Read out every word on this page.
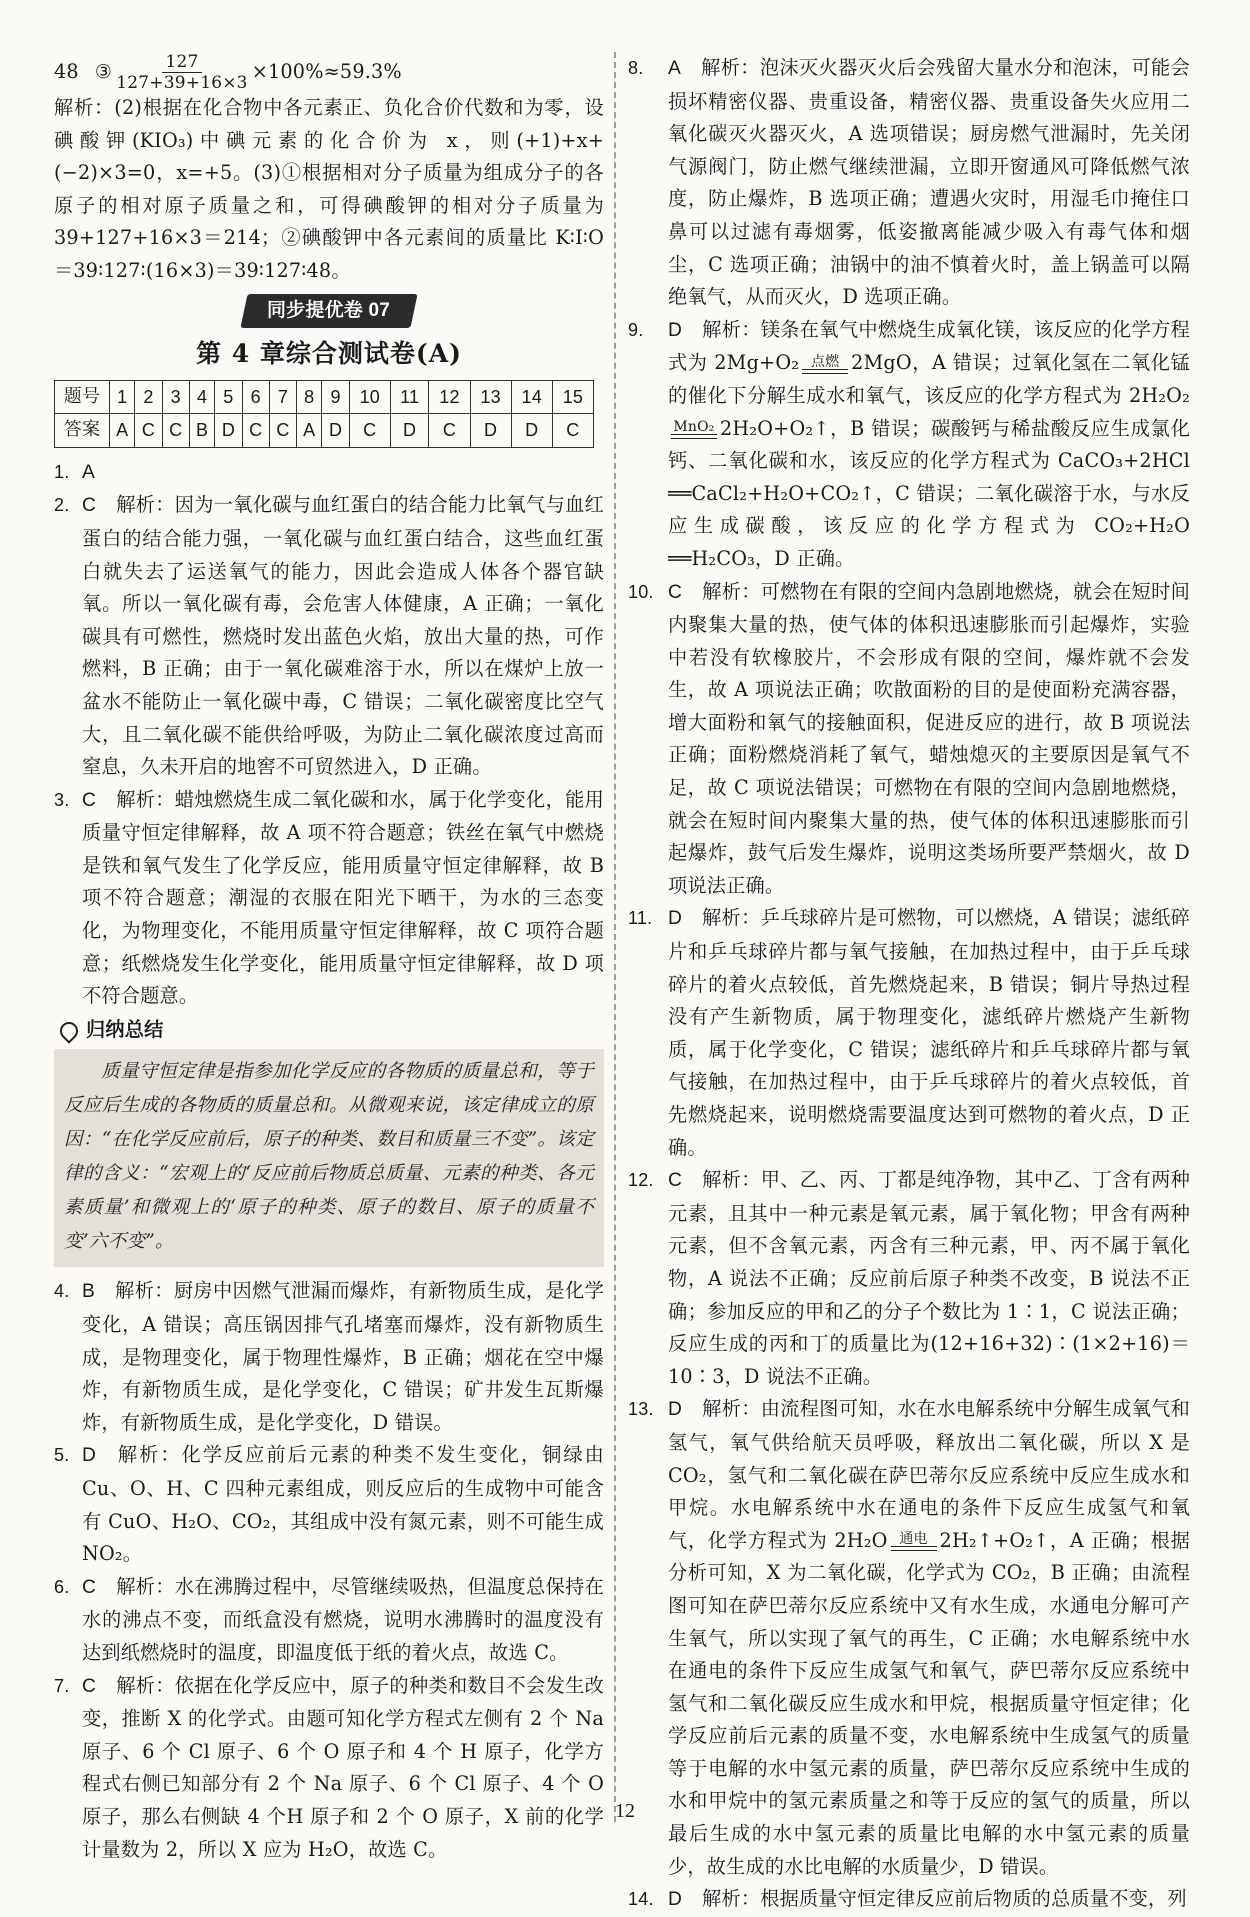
48 ③ $\frac{127}{127+39+16\times 3} \times 100\%\approx 59.3\%$

解析：(2)根据在化合物中各元素正、负化合价代数和为零，设碘酸钾(KIO₃)中碘元素的化合价为 x，则(+1)+x+(−2)×3=0，x=+5。(3)①根据相对分子质量为组成分子的各原子的相对原子质量之和，可得碘酸钾的相对分子质量为 39+127+16×3＝214；②碘酸钾中各元素间的质量比 K∶I∶O＝39∶127∶(16×3)＝39∶127∶48。

同步提优卷 07
第 4 章综合测试卷(A)
题号	1	2	3	4	5	6	7	8	9	10	11	12	13	14	15
答案	A	C	C	B	D	C	C	A	D	C	D	C	D	D	C
1. A
2. C 解析：因为一氧化碳与血红蛋白的结合能力比氧气与血红蛋白的结合能力强，一氧化碳与血红蛋白结合，这些血红蛋白就失去了运送氧气的能力，因此会造成人体各个器官缺氧。所以一氧化碳有毒，会危害人体健康，A 正确；一氧化碳具有可燃性，燃烧时发出蓝色火焰，放出大量的热，可作燃料，B 正确；由于一氧化碳难溶于水，所以在煤炉上放一盆水不能防止一氧化碳中毒，C 错误；二氧化碳密度比空气大，且二氧化碳不能供给呼吸，为防止二氧化碳浓度过高而窒息，久未开启的地窖不可贸然进入，D 正确。
3. C 解析：蜡烛燃烧生成二氧化碳和水，属于化学变化，能用质量守恒定律解释，故 A 项不符合题意；铁丝在氧气中燃烧是铁和氧气发生了化学反应，能用质量守恒定律解释，故 B 项不符合题意；潮湿的衣服在阳光下晒干，为水的三态变化，为物理变化，不能用质量守恒定律解释，故 C 项符合题意；纸燃烧发生化学变化，能用质量守恒定律解释，故 D 项不符合题意。
归纳总结
质量守恒定律是指参加化学反应的各物质的质量总和，等于反应后生成的各物质的质量总和。从微观来说，该定律成立的原因：“在化学反应前后，原子的种类、数目和质量三不变”。该定律的含义：“宏观上的‘反应前后物质总质量、元素的种类、各元素质量’和微观上的‘原子的种类、原子的数目、原子的质量不变’六不变”。
4. B 解析：厨房中因燃气泄漏而爆炸，有新物质生成，是化学变化，A 错误；高压锅因排气孔堵塞而爆炸，没有新物质生成，是物理变化，属于物理性爆炸，B 正确；烟花在空中爆炸，有新物质生成，是化学变化，C 错误；矿井发生瓦斯爆炸，有新物质生成，是化学变化，D 错误。
5. D 解析：化学反应前后元素的种类不发生变化，铜绿由 Cu、O、H、C 四种元素组成，则反应后的生成物中可能含有 CuO、H₂O、CO₂，其组成中没有氮元素，则不可能生成 NO₂。
6. C 解析：水在沸腾过程中，尽管继续吸热，但温度总保持在水的沸点不变，而纸盒没有燃烧，说明水沸腾时的温度没有达到纸燃烧时的温度，即温度低于纸的着火点，故选 C。
7. C 解析：依据在化学反应中，原子的种类和数目不会发生改变，推断 X 的化学式。由题可知化学方程式左侧有 2 个 Na 原子、6 个 Cl 原子、6 个 O 原子和 4 个 H 原子，化学方程式右侧已知部分有 2 个 Na 原子、6 个 Cl 原子、4 个 O 原子，那么右侧缺 4 个H 原子和 2 个 O 原子，X 前的化学计量数为 2，所以 X 应为 H₂O，故选 C。
8.	A 解析：泡沫灭火器灭火后会残留大量水分和泡沫，可能会损坏精密仪器、贵重设备，精密仪器、贵重设备失火应用二氧化碳灭火器灭火，A 选项错误；厨房燃气泄漏时，先关闭气源阀门，防止燃气继续泄漏，立即开窗通风可降低燃气浓度，防止爆炸，B 选项正确；遭遇火灾时，用湿毛巾掩住口鼻可以过滤有毒烟雾，低姿撤离能减少吸入有毒气体和烟尘，C 选项正确；油锅中的油不慎着火时，盖上锅盖可以隔绝氧气，从而灭火，D 选项正确。
9.	D 解析：镁条在氧气中燃烧生成氧化镁，该反应的化学方程式为 2Mg+O₂ 点燃 2MgO，A 错误；过氧化氢在二氧化锰的催化下分解生成水和氧气，该反应的化学方程式为 2H₂O₂
MnO₂ 2H₂O+O₂↑，B 错误；碳酸钙与稀盐酸反应生成氯化钙、二氧化碳和水，该反应的化学方程式为 CaCO₃+2HCl ══CaCl₂+H₂O+CO₂↑，C 错误；二氧化碳溶于水，与水反应生成碳酸，该反应的化学方程式为 CO₂+H₂O ══H₂CO₃，D 正确。
10. C 解析：可燃物在有限的空间内急剧地燃烧，就会在短时间内聚集大量的热，使气体的体积迅速膨胀而引起爆炸，实验中若没有软橡胶片，不会形成有限的空间，爆炸就不会发生，故 A 项说法正确；吹散面粉的目的是使面粉充满容器，增大面粉和氧气的接触面积，促进反应的进行，故 B 项说法正确；面粉燃烧消耗了氧气，蜡烛熄灭的主要原因是氧气不足，故 C 项说法错误；可燃物在有限的空间内急剧地燃烧，就会在短时间内聚集大量的热，使气体的体积迅速膨胀而引起爆炸，鼓气后发生爆炸，说明这类场所要严禁烟火，故 D 项说法正确。
11. D 解析：乒乓球碎片是可燃物，可以燃烧，A 错误；滤纸碎片和乒乓球碎片都与氧气接触，在加热过程中，由于乒乓球碎片的着火点较低，首先燃烧起来，B 错误；铜片导热过程没有产生新物质，属于物理变化，滤纸碎片燃烧产生新物质，属于化学变化，C 错误；滤纸碎片和乒乓球碎片都与氧气接触，在加热过程中，由于乒乓球碎片的着火点较低，首先燃烧起来，说明燃烧需要温度达到可燃物的着火点，D 正确。
12. C 解析：甲、乙、丙、丁都是纯净物，其中乙、丁含有两种元素，且其中一种元素是氧元素，属于氧化物；甲含有两种元素，但不含氧元素，丙含有三种元素，甲、丙不属于氧化物，A 说法不正确；反应前后原子种类不改变，B 说法不正确；参加反应的甲和乙的分子个数比为 1∶1，C 说法正确；反应生成的丙和丁的质量比为(12+16+32)∶(1×2+16)＝10∶3，D 说法不正确。
13. D 解析：由流程图可知，水在水电解系统中分解生成氧气和氢气，氧气供给航天员呼吸，释放出二氧化碳，所以 X 是 CO₂，氢气和二氧化碳在萨巴蒂尔反应系统中反应生成水和甲烷。水电解系统中水在通电的条件下反应生成氢气和氧气，化学方程式为 2H₂O 通电 2H₂↑+O₂↑，A 正确；根据分析可知，X 为二氧化碳，化学式为 CO₂，B 正确；由流程图可知在萨巴蒂尔反应系统中又有水生成，水通电分解可产生氧气，所以实现了氧气的再生，C 正确；水电解系统中水在通电的条件下反应生成氢气和氧气，萨巴蒂尔反应系统中氢气和二氧化碳反应生成水和甲烷，根据质量守恒定律；化学反应前后元素的质量不变，水电解系统中生成氢气的质量等于电解的水中氢元素的质量，萨巴蒂尔反应系统中生成的水和甲烷中的氢元素质量之和等于反应的氢气的质量，所以最后生成的水中氢元素的质量比电解的水中氢元素的质量少，故生成的水比电解的水质量少，D 错误。
14. D 解析：根据质量守恒定律反应前后物质的总质量不变，列
12
